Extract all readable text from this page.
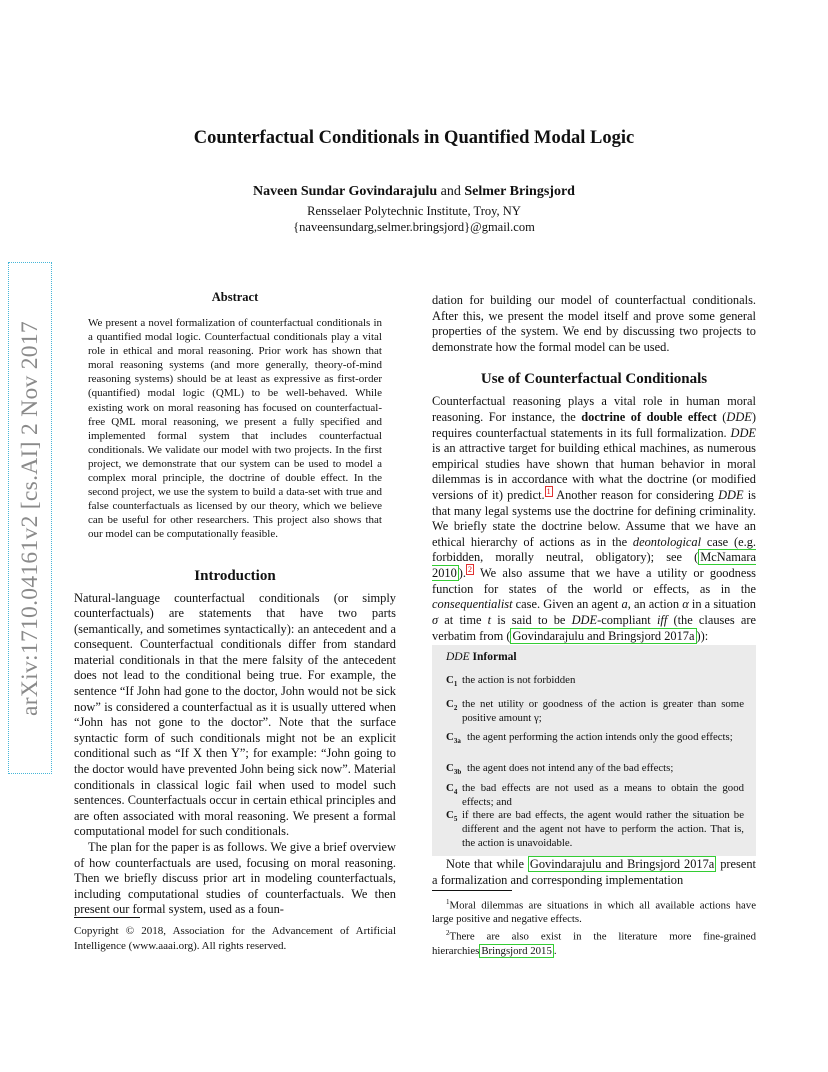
Counterfactual Conditionals in Quantified Modal Logic
Naveen Sundar Govindarajulu and Selmer Bringsjord
Rensselaer Polytechnic Institute, Troy, NY
{naveensundarg,selmer.bringsjord}@gmail.com
arXiv:1710.04161v2 [cs.AI] 2 Nov 2017
Abstract

We present a novel formalization of counterfactual conditionals in a quantified modal logic. Counterfactual conditionals play a vital role in ethical and moral reasoning. Prior work has shown that moral reasoning systems (and more generally, theory-of-mind reasoning systems) should be at least as expressive as first-order (quantified) modal logic (QML) to be well-behaved. While existing work on moral reasoning has focused on counterfactual-free QML moral reasoning, we present a fully specified and implemented formal system that includes counterfactual conditionals. We validate our model with two projects. In the first project, we demonstrate that our system can be used to model a complex moral principle, the doctrine of double effect. In the second project, we use the system to build a data-set with true and false counterfactuals as licensed by our theory, which we believe can be useful for other researchers. This project also shows that our model can be computationally feasible.

Introduction

Natural-language counterfactual conditionals (or simply counterfactuals) are statements that have two parts (semantically, and sometimes syntactically): an antecedent and a consequent. Counterfactual conditionals differ from standard material conditionals in that the mere falsity of the antecedent does not lead to the conditional being true. For example, the sentence “If John had gone to the doctor, John would not be sick now” is considered a counterfactual as it is usually uttered when “John has not gone to the doctor”. Note that the surface syntactic form of such conditionals might not be an explicit conditional such as “If X then Y”; for example: “John going to the doctor would have prevented John being sick now”. Material conditionals in classical logic fail when used to model such sentences. Counterfactuals occur in certain ethical principles and are often associated with moral reasoning. We present a formal computational model for such conditionals.

The plan for the paper is as follows. We give a brief overview of how counterfactuals are used, focusing on moral reasoning. Then we briefly discuss prior art in modeling counterfactuals, including computational studies of counterfactuals. We then present our formal system, used as a foun-

Copyright © 2018, Association for the Advancement of Artificial Intelligence (www.aaai.org). All rights reserved.

dation for building our model of counterfactual conditionals. After this, we present the model itself and prove some general properties of the system. We end by discussing two projects to demonstrate how the formal model can be used.

Use of Counterfactual Conditionals

Counterfactual reasoning plays a vital role in human moral reasoning. For instance, the doctrine of double effect (DDE) requires counterfactual statements in its full formalization. DDE is an attractive target for building ethical machines, as numerous empirical studies have shown that human behavior in moral dilemmas is in accordance with what the doctrine (or modified versions of it) predict. $^1$ Another reason for considering DDE is that many legal systems use the doctrine for defining criminality. We briefly state the doctrine below. Assume that we have an ethical hierarchy of actions as in the deontological case (e.g. forbidden, morally neutral, obligatory); see ( McNamara 2010 ). $^2$ We also assume that we have a utility or goodness function for states of the world or effects, as in the consequentialist case. Given an agent a, an action α in a situation σ at time t is said to be DDE-compliant iff (the clauses are verbatim from ( Govindarajulu and Bringsjord 2017a )):

DDE Informal
$C_1$ the action is not forbidden
$C_2$ the net utility or goodness of the action is greater than some positive amount γ;
$C_{3a}$ the agent performing the action intends only the good effects;
$C_{3b}$ the agent does not intend any of the bad effects;
$C_4$ the bad effects are not used as a means to obtain the good effects; and
$C_5$ if there are bad effects, the agent would rather the situation be different and the agent not have to perform the action. That is, the action is unavoidable.

Note that while Govindarajulu and Bringsjord 2017a present a formalization and corresponding implementation

$^1$Moral dilemmas are situations in which all available actions have large positive and negative effects.

$^2$There are also exist in the literature more fine-grained hierarchies Bringsjord 2015 .
